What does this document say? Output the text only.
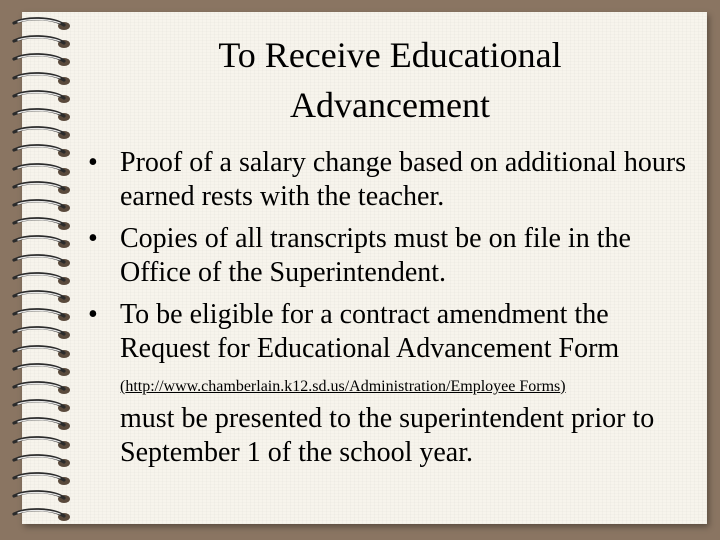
To Receive Educational
Advancement
• Proof of a salary change based on additional hours earned rests with the teacher.
• Copies of all transcripts must be on file in the Office of the Superintendent.
• To be eligible for a contract amendment the Request for Educational Advancement Form
(http://www.chamberlain.k12.sd.us/Administration/Employee Forms)
must be presented to the superintendent prior to September 1 of the school year.
